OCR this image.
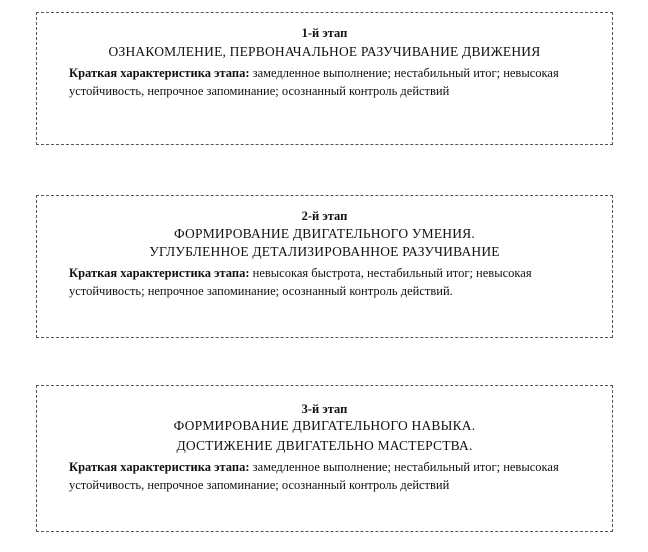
1-й этап
ОЗНАКОМЛЕНИЕ, ПЕРВОНАЧАЛЬНОЕ РАЗУЧИВАНИЕ ДВИЖЕНИЯ
Краткая характеристика этапа: замедленное выполнение; нестабильный итог; невысокая устойчивость, непрочное запоминание; осознанный контроль действий
2-й этап
ФОРМИРОВАНИЕ ДВИГАТЕЛЬНОГО УМЕНИЯ.
УГЛУБЛЕННОЕ ДЕТАЛИЗИРОВАННОЕ РАЗУЧИВАНИЕ
Краткая характеристика этапа: невысокая быстрота, нестабильный итог; невысокая устойчивость; непрочное запоминание; осознанный контроль действий.
3-й этап
ФОРМИРОВАНИЕ ДВИГАТЕЛЬНОГО НАВЫКА.
ДОСТИЖЕНИЕ ДВИГАТЕЛЬНО МАСТЕРСТВА.
Краткая характеристика этапа: замедленное выполнение; нестабильный итог; невысокая устойчивость, непрочное запоминание; осознанный контроль действий
